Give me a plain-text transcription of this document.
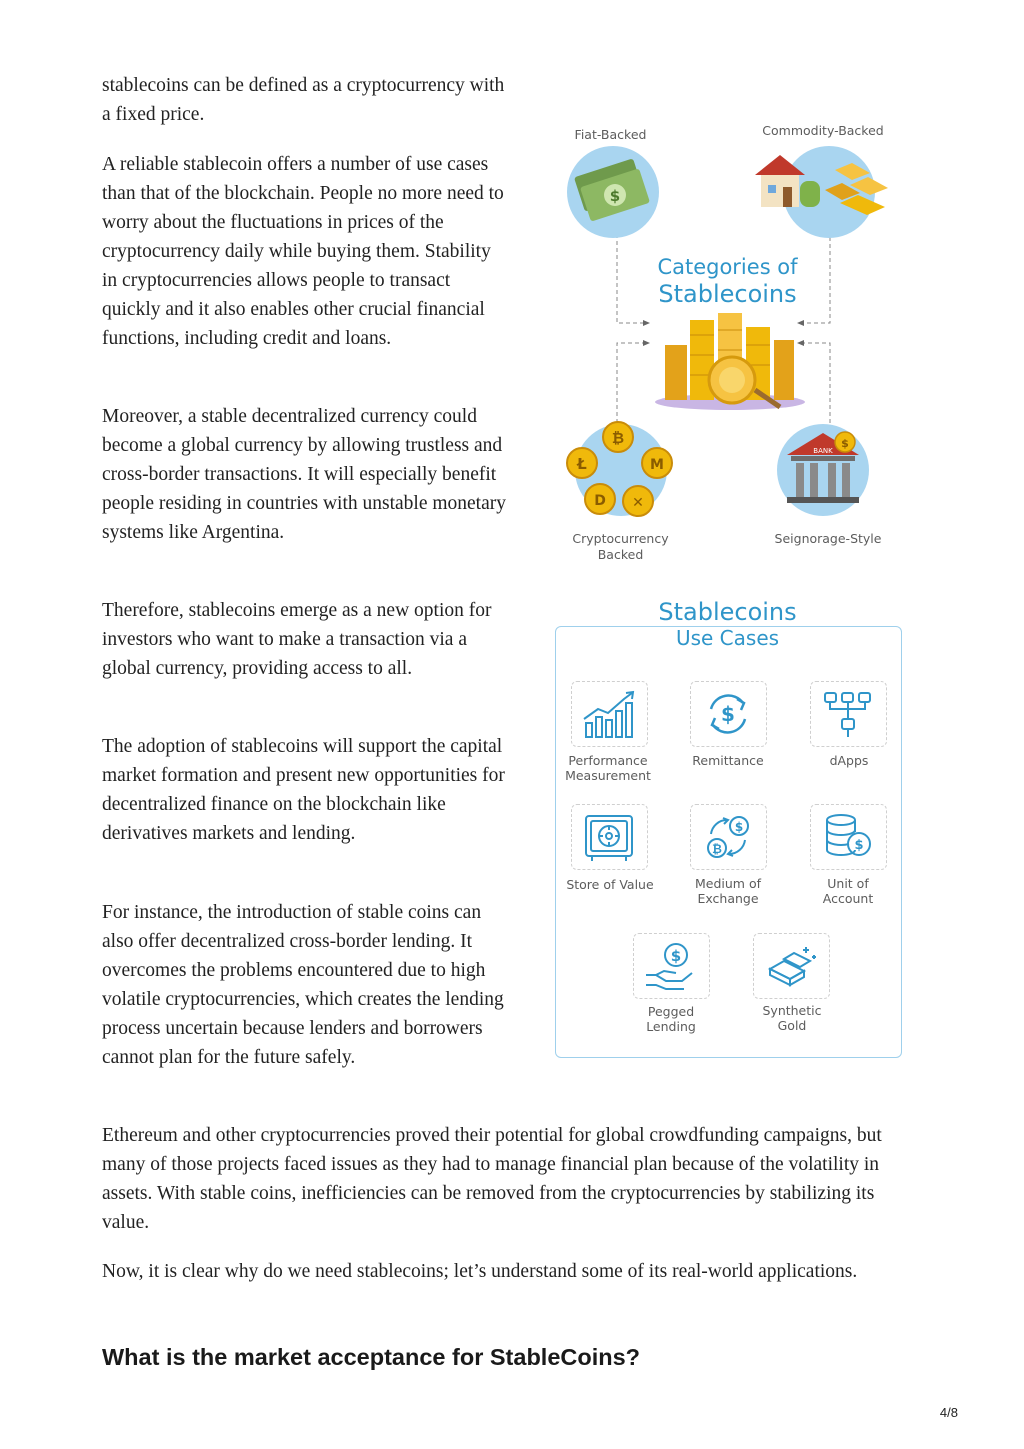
stablecoins can be defined as a cryptocurrency with a fixed price.

A reliable stablecoin offers a number of use cases than that of the blockchain. People no more need to worry about the fluctuations in prices of the cryptocurrency daily while buying them. Stability in cryptocurrencies allows people to transact quickly and it also enables other crucial financial functions, including credit and loans.

Moreover, a stable decentralized currency could become a global currency by allowing trustless and cross-border transactions. It will especially benefit people residing in countries with unstable monetary systems like Argentina.

Therefore, stablecoins emerge as a new option for investors who want to make a transaction via a global currency, providing access to all.

The adoption of stablecoins will support the capital market formation and present new opportunities for decentralized finance on the blockchain like derivatives markets and lending.

For instance, the introduction of stable coins can also offer decentralized cross-border lending. It overcomes the problems encountered due to high volatile cryptocurrencies, which creates the lending process uncertain because lenders and borrowers cannot plan for the future safely.

Ethereum and other cryptocurrencies proved their potential for global crowdfunding campaigns, but many of those projects faced issues as they had to manage financial plan because of the volatility in assets. With stable coins, inefficiencies can be removed from the cryptocurrencies by stabilizing its value.

Now, it is clear why do we need stablecoins; let’s understand some of its real-world applications.

What is the market acceptance for StableCoins?
4/8
$
₿
Ł	M
D ✕
BANK
$
Fiat-Backed	Commodity-Backed
Categories of
Stablecoins
Cryptocurrency
Backed
Seignorage-Style
Stablecoins
Use Cases
$
Performance
Measurement
Remittance	dApps
$
₿	$
Store of Value	Medium of
Exchange
Unit of
Account
$
Pegged
Lending
Synthetic
Gold
